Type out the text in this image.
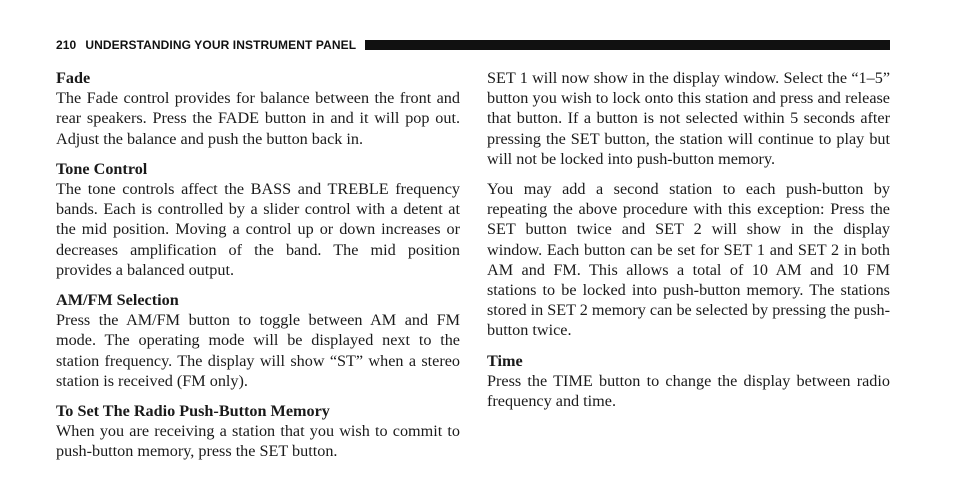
210 UNDERSTANDING YOUR INSTRUMENT PANEL
Fade

The Fade control provides for balance between the front and rear speakers. Press the FADE button in and it will pop out. Adjust the balance and push the button back in.

Tone Control

The tone controls affect the BASS and TREBLE frequency bands. Each is controlled by a slider control with a detent at the mid position. Moving a control up or down increases or decreases amplification of the band. The mid position provides a balanced output.

AM/FM Selection

Press the AM/FM button to toggle between AM and FM mode. The operating mode will be displayed next to the station frequency. The display will show “ST” when a stereo station is received (FM only).

To Set The Radio Push-Button Memory

When you are receiving a station that you wish to commit to push-button memory, press the SET button.

SET 1 will now show in the display window. Select the “1–5” button you wish to lock onto this station and press and release that button. If a button is not selected within 5 seconds after pressing the SET button, the station will continue to play but will not be locked into push-button memory.

You may add a second station to each push-button by repeating the above procedure with this exception: Press the SET button twice and SET 2 will show in the display window. Each button can be set for SET 1 and SET 2 in both AM and FM. This allows a total of 10 AM and 10 FM stations to be locked into push-button memory. The stations stored in SET 2 memory can be selected by pressing the push-button twice.

Time

Press the TIME button to change the display between radio frequency and time.
